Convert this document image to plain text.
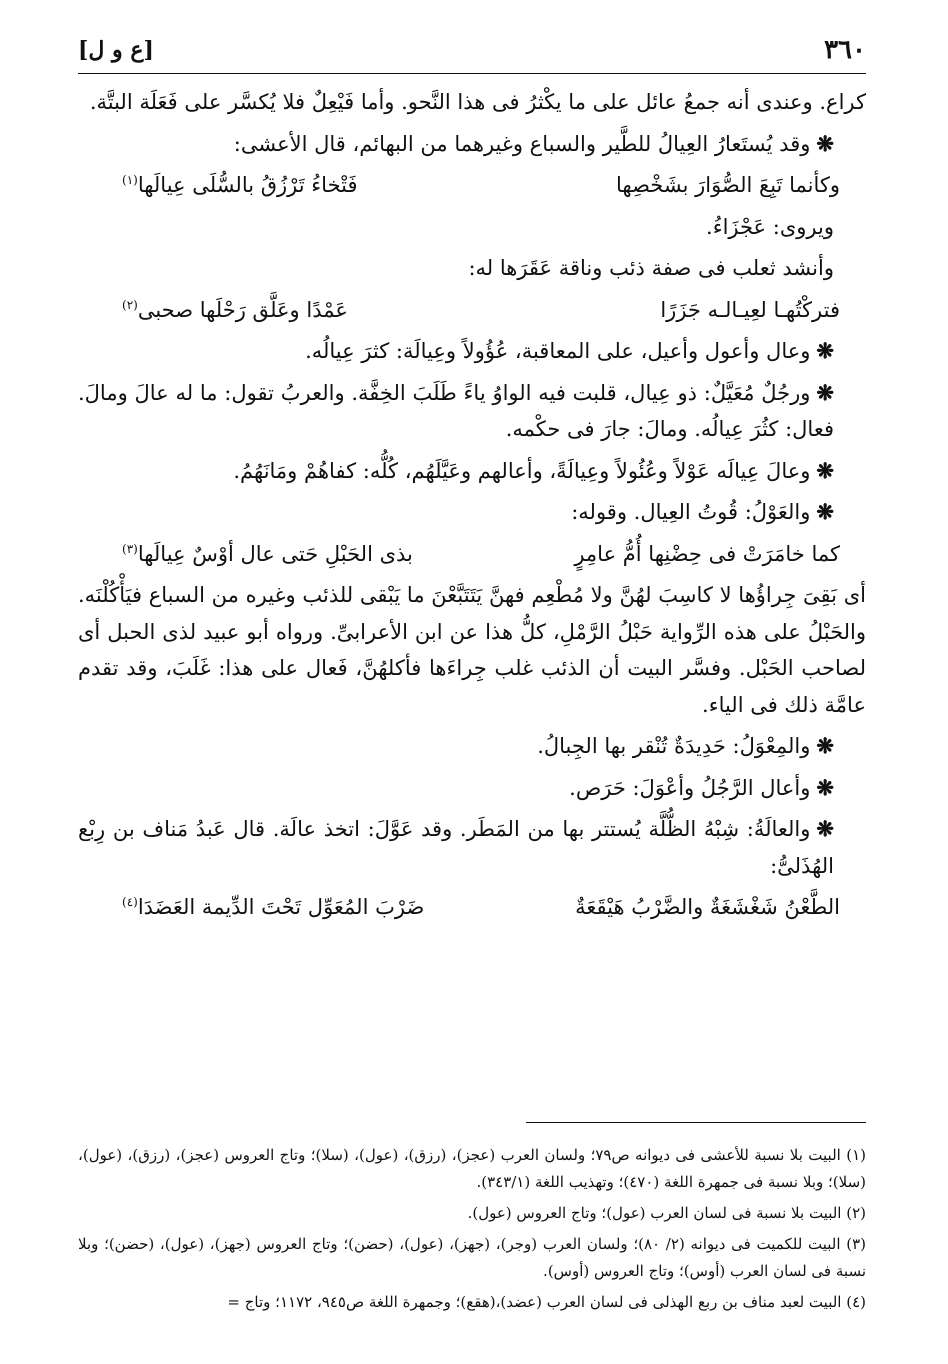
٣٦٠
[ع و ل]

كراع. وعندى أنه جمعُ عائل على ما يكْثرُ فى هذا النَّحو. وأما فَيْعِلٌ فلا يُكسَّر على فَعَلَة البتَّة.

❋وقد يُستَعارُ العِيالُ للطَّير والسباع وغيرهما من البهائم، قال الأعشى:

وكأنما تَبِعَ الصُّوَارَ بشَخْصِها
فَتْخاءُ تَرْزُقُ بالسُّلَى عِيالَها$^{(١)}$

ويروى: عَجْزَاءُ.

وأنشد ثعلب فى صفة ذئب وناقة عَقَرَها له:

فتركْتُهـا لعِيـالـه جَزَرًا
عَمْدًا وعَلَّق رَحْلَها صحبى$^{(٢)}$

❋وعال وأعول وأعيل، على المعاقبة، عُؤُولاً وعِيالَة: كثرَ عِيالُه.

❋ورجُلٌ مُعَيَّلٌ: ذو عِيال، قلبت فيه الواوُ ياءً طَلَبَ الخِفَّة. والعربُ تقول: ما له عالَ ومالَ. فعال: كثُرَ عِيالُه. ومالَ: جارَ فى حكْمه.

❋وعالَ عِيالَه عَوْلاً وعُئُولاً وعِيالَةً، وأعالهم وعَيَّلَهُم، كُلُّه: كفاهُمْ ومَانَهُمُ.

❋والعَوْلُ: قُوتُ العِيال. وقوله:

كما خامَرَتْ فى حِضْنِها أُمُّ عامِرٍ
بذى الحَبْلِ حَتى عال أوْسٌ عِيالَها$^{(٣)}$

أى بَقِىَ جِراؤُها لا كاسِبَ لهُنَّ ولا مُطْعِم فهنَّ يَتَتَبَّعْنَ ما يَبْقى للذئب وغيره من السباع فيَأْكُلْنَه. والحَبْلُ على هذه الرِّواية حَبْلُ الرَّمْلِ، كلُّ هذا عن ابن الأعرابىِّ. ورواه أبو عبيد لذى الحبل أى لصاحب الحَبْل. وفسَّر البيت أن الذئب غلب جِراءَها فأكلهُنَّ، فَعال على هذا: غَلَبَ، وقد تقدم عامَّة ذلك فى الياء.

❋والمِعْوَلُ: حَدِيدَةٌ تُنْقر بها الجِبالُ.

❋وأعال الرَّجُلُ وأعْوَلَ: حَرَص.

❋والعالَةُ: شِبْهُ الظُّلَّة يُستتر بها من المَطَر. وقد عَوَّلَ: اتخذ عالَة. قال عَبدُ مَناف بن رِبْع الهُذَلىُّ:

الطَّعْنُ شَغْشَغَةٌ والضَّرْبُ هَيْقَعَةٌ
ضَرْبَ المُعَوِّل تَحْتَ الدِّيمة العَضَدَا$^{(٤)}$

(١) البيت بلا نسبة للأعشى فى ديوانه ص٧٩؛ ولسان العرب (عجز)، (رزق)، (عول)، (سلا)؛ وتاج العروس (عجز)، (رزق)، (عول)، (سلا)؛ وبلا نسبة فى جمهرة اللغة (٤٧٠)؛ وتهذيب اللغة (٣٤٣/١).

(٢) البيت بلا نسبة فى لسان العرب (عول)؛ وتاج العروس (عول).

(٣) البيت للكميت فى ديوانه (٢/ ٨٠)؛ ولسان العرب (وجر)، (جهز)، (عول)، (حضن)؛ وتاج العروس (جهز)، (عول)، (حضن)؛ وبلا نسبة فى لسان العرب (أوس)؛ وتاج العروس (أوس).

(٤) البيت لعبد مناف بن ربع الهذلى فى لسان العرب (عضد)،(هقع)؛ وجمهرة اللغة ص٩٤٥، ١١٧٢؛ وتاج =
